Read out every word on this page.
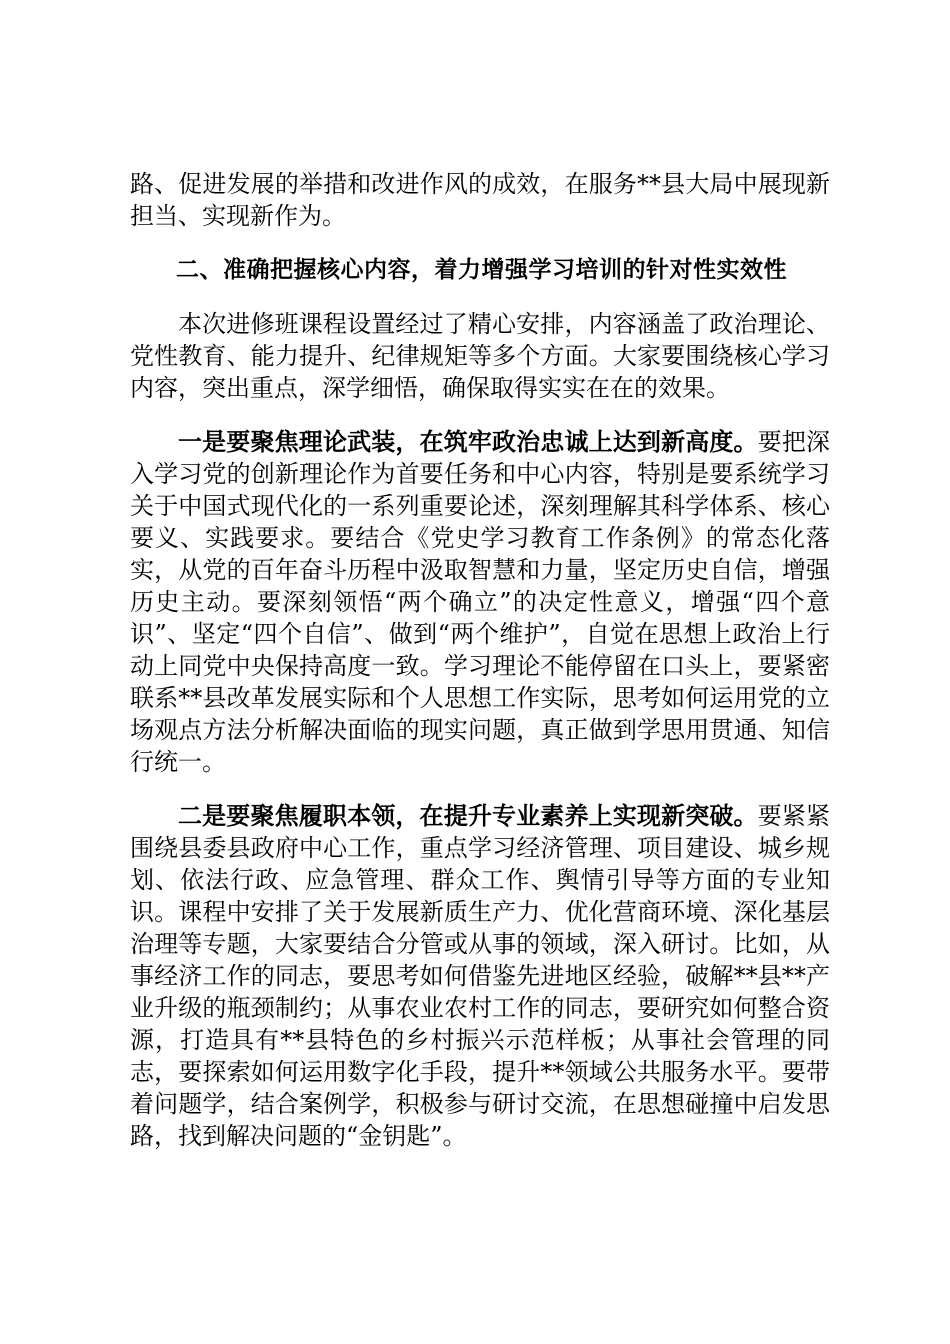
路、促进发展的举措和改进作风的成效，在服务**县大局中展现新担当、实现新作为。

二、准确把握核心内容，着力增强学习培训的针对性实效性

本次进修班课程设置经过了精心安排，内容涵盖了政治理论、党性教育、能力提升、纪律规矩等多个方面。大家要围绕核心学习内容，突出重点，深学细悟，确保取得实实在在的效果。

一是要聚焦理论武装，在筑牢政治忠诚上达到新高度。要把深入学习党的创新理论作为首要任务和中心内容，特别是要系统学习关于中国式现代化的一系列重要论述，深刻理解其科学体系、核心要义、实践要求。要结合《党史学习教育工作条例》的常态化落实，从党的百年奋斗历程中汲取智慧和力量，坚定历史自信，增强历史主动。要深刻领悟“两个确立”的决定性意义，增强“四个意识”、坚定“四个自信”、做到“两个维护”，自觉在思想上政治上行动上同党中央保持高度一致。学习理论不能停留在口头上，要紧密联系**县改革发展实际和个人思想工作实际，思考如何运用党的立场观点方法分析解决面临的现实问题，真正做到学思用贯通、知信行统一。

二是要聚焦履职本领，在提升专业素养上实现新突破。要紧紧围绕县委县政府中心工作，重点学习经济管理、项目建设、城乡规划、依法行政、应急管理、群众工作、舆情引导等方面的专业知识。课程中安排了关于发展新质生产力、优化营商环境、深化基层治理等专题，大家要结合分管或从事的领域，深入研讨。比如，从事经济工作的同志，要思考如何借鉴先进地区经验，破解**县**产业升级的瓶颈制约；从事农业农村工作的同志，要研究如何整合资源，打造具有**县特色的乡村振兴示范样板；从事社会管理的同志，要探索如何运用数字化手段，提升**领域公共服务水平。要带着问题学，结合案例学，积极参与研讨交流，在思想碰撞中启发思路，找到解决问题的“金钥匙”。
